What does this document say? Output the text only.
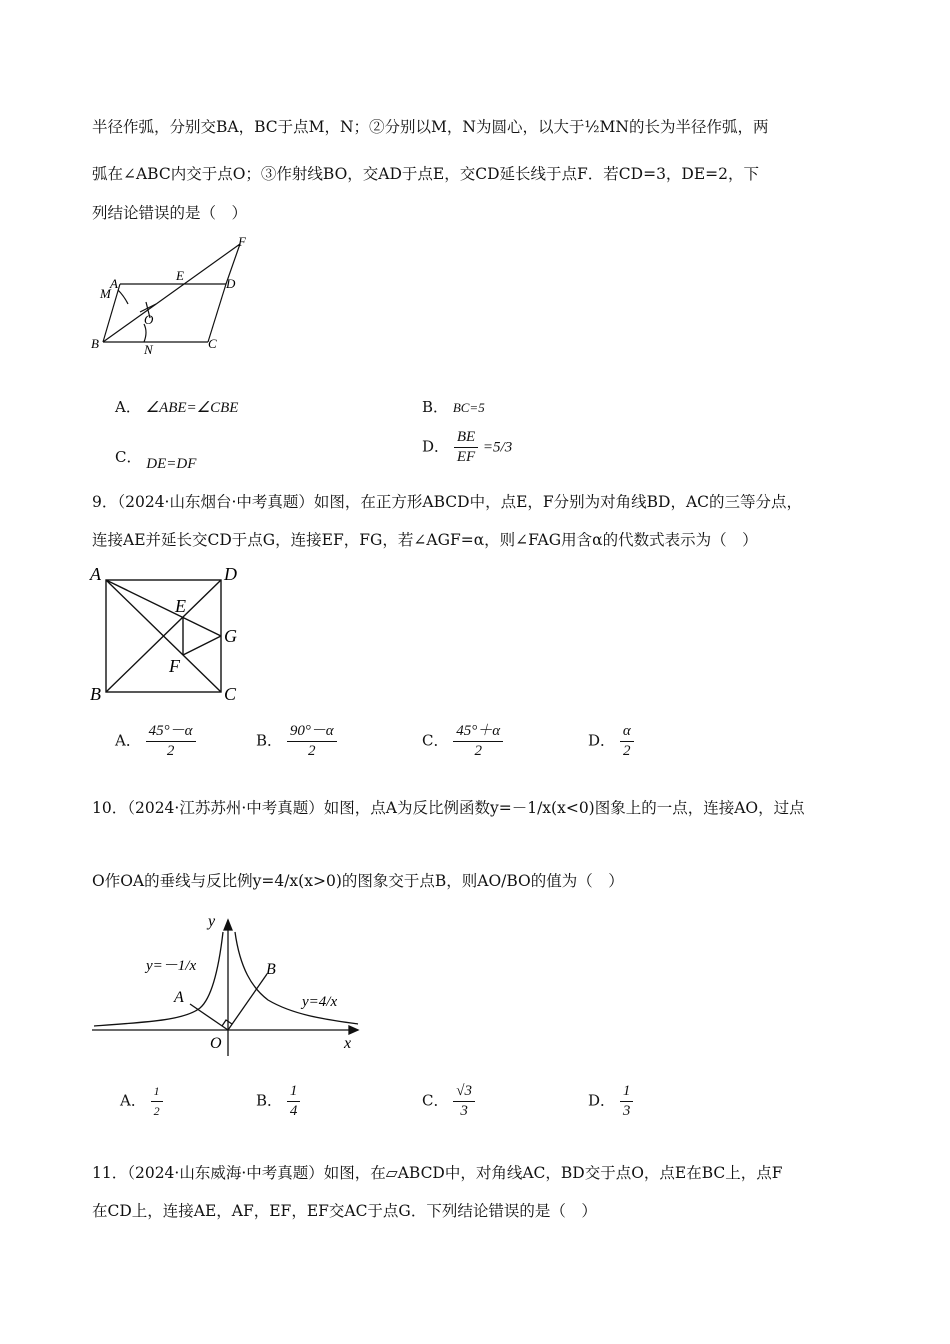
半径作弧，分别交BA，BC于点M，N；②分别以M，N为圆心，以大于½MN的长为半径作弧，两
弧在∠ABC内交于点O；③作射线BO，交AD于点E，交CD延长线于点F．若CD=3，DE=2，下
列结论错误的是（　）
A
M
E
F
D
O
B	N	C
A． ∠ABE=∠CBE	B． BC=5
C． DE=DF
D． $\frac{BE}{EF} =5/3$
9．（2024·山东烟台·中考真题）如图，在正方形ABCD中，点E，F分别为对角线BD，AC的三等分点，
连接AE并延长交CD于点G，连接EF，FG，若∠AGF=α，则∠FAG用含α的代数式表示为（　）
A	D
E
G
F
B	C
A． $\frac{45^\circ-\alpha}{2}$	B． $\frac{90^\circ-\alpha}{2}$	C． $\frac{45^\circ+\alpha}{2}$	D． $\frac{\alpha}{2}$
10．（2024·江苏苏州·中考真题）如图，点A为反比例函数y=－1/x(x<0)图象上的一点，连接AO，过点
O作OA的垂线与反比例y=4/x(x>0)的图象交于点B，则AO/BO的值为（　）
y
x
O
A
B
y=－1/x
y=4/x
A． $\frac{1}{2}$	B． $\frac{1}{4}$	C． $\frac{√3}{3}$	D． $\frac{1}{3}$
11．（2024·山东威海·中考真题）如图，在▱ABCD中，对角线AC，BD交于点O，点E在BC上，点F
在CD上，连接AE，AF，EF，EF交AC于点G．下列结论错误的是（　）
